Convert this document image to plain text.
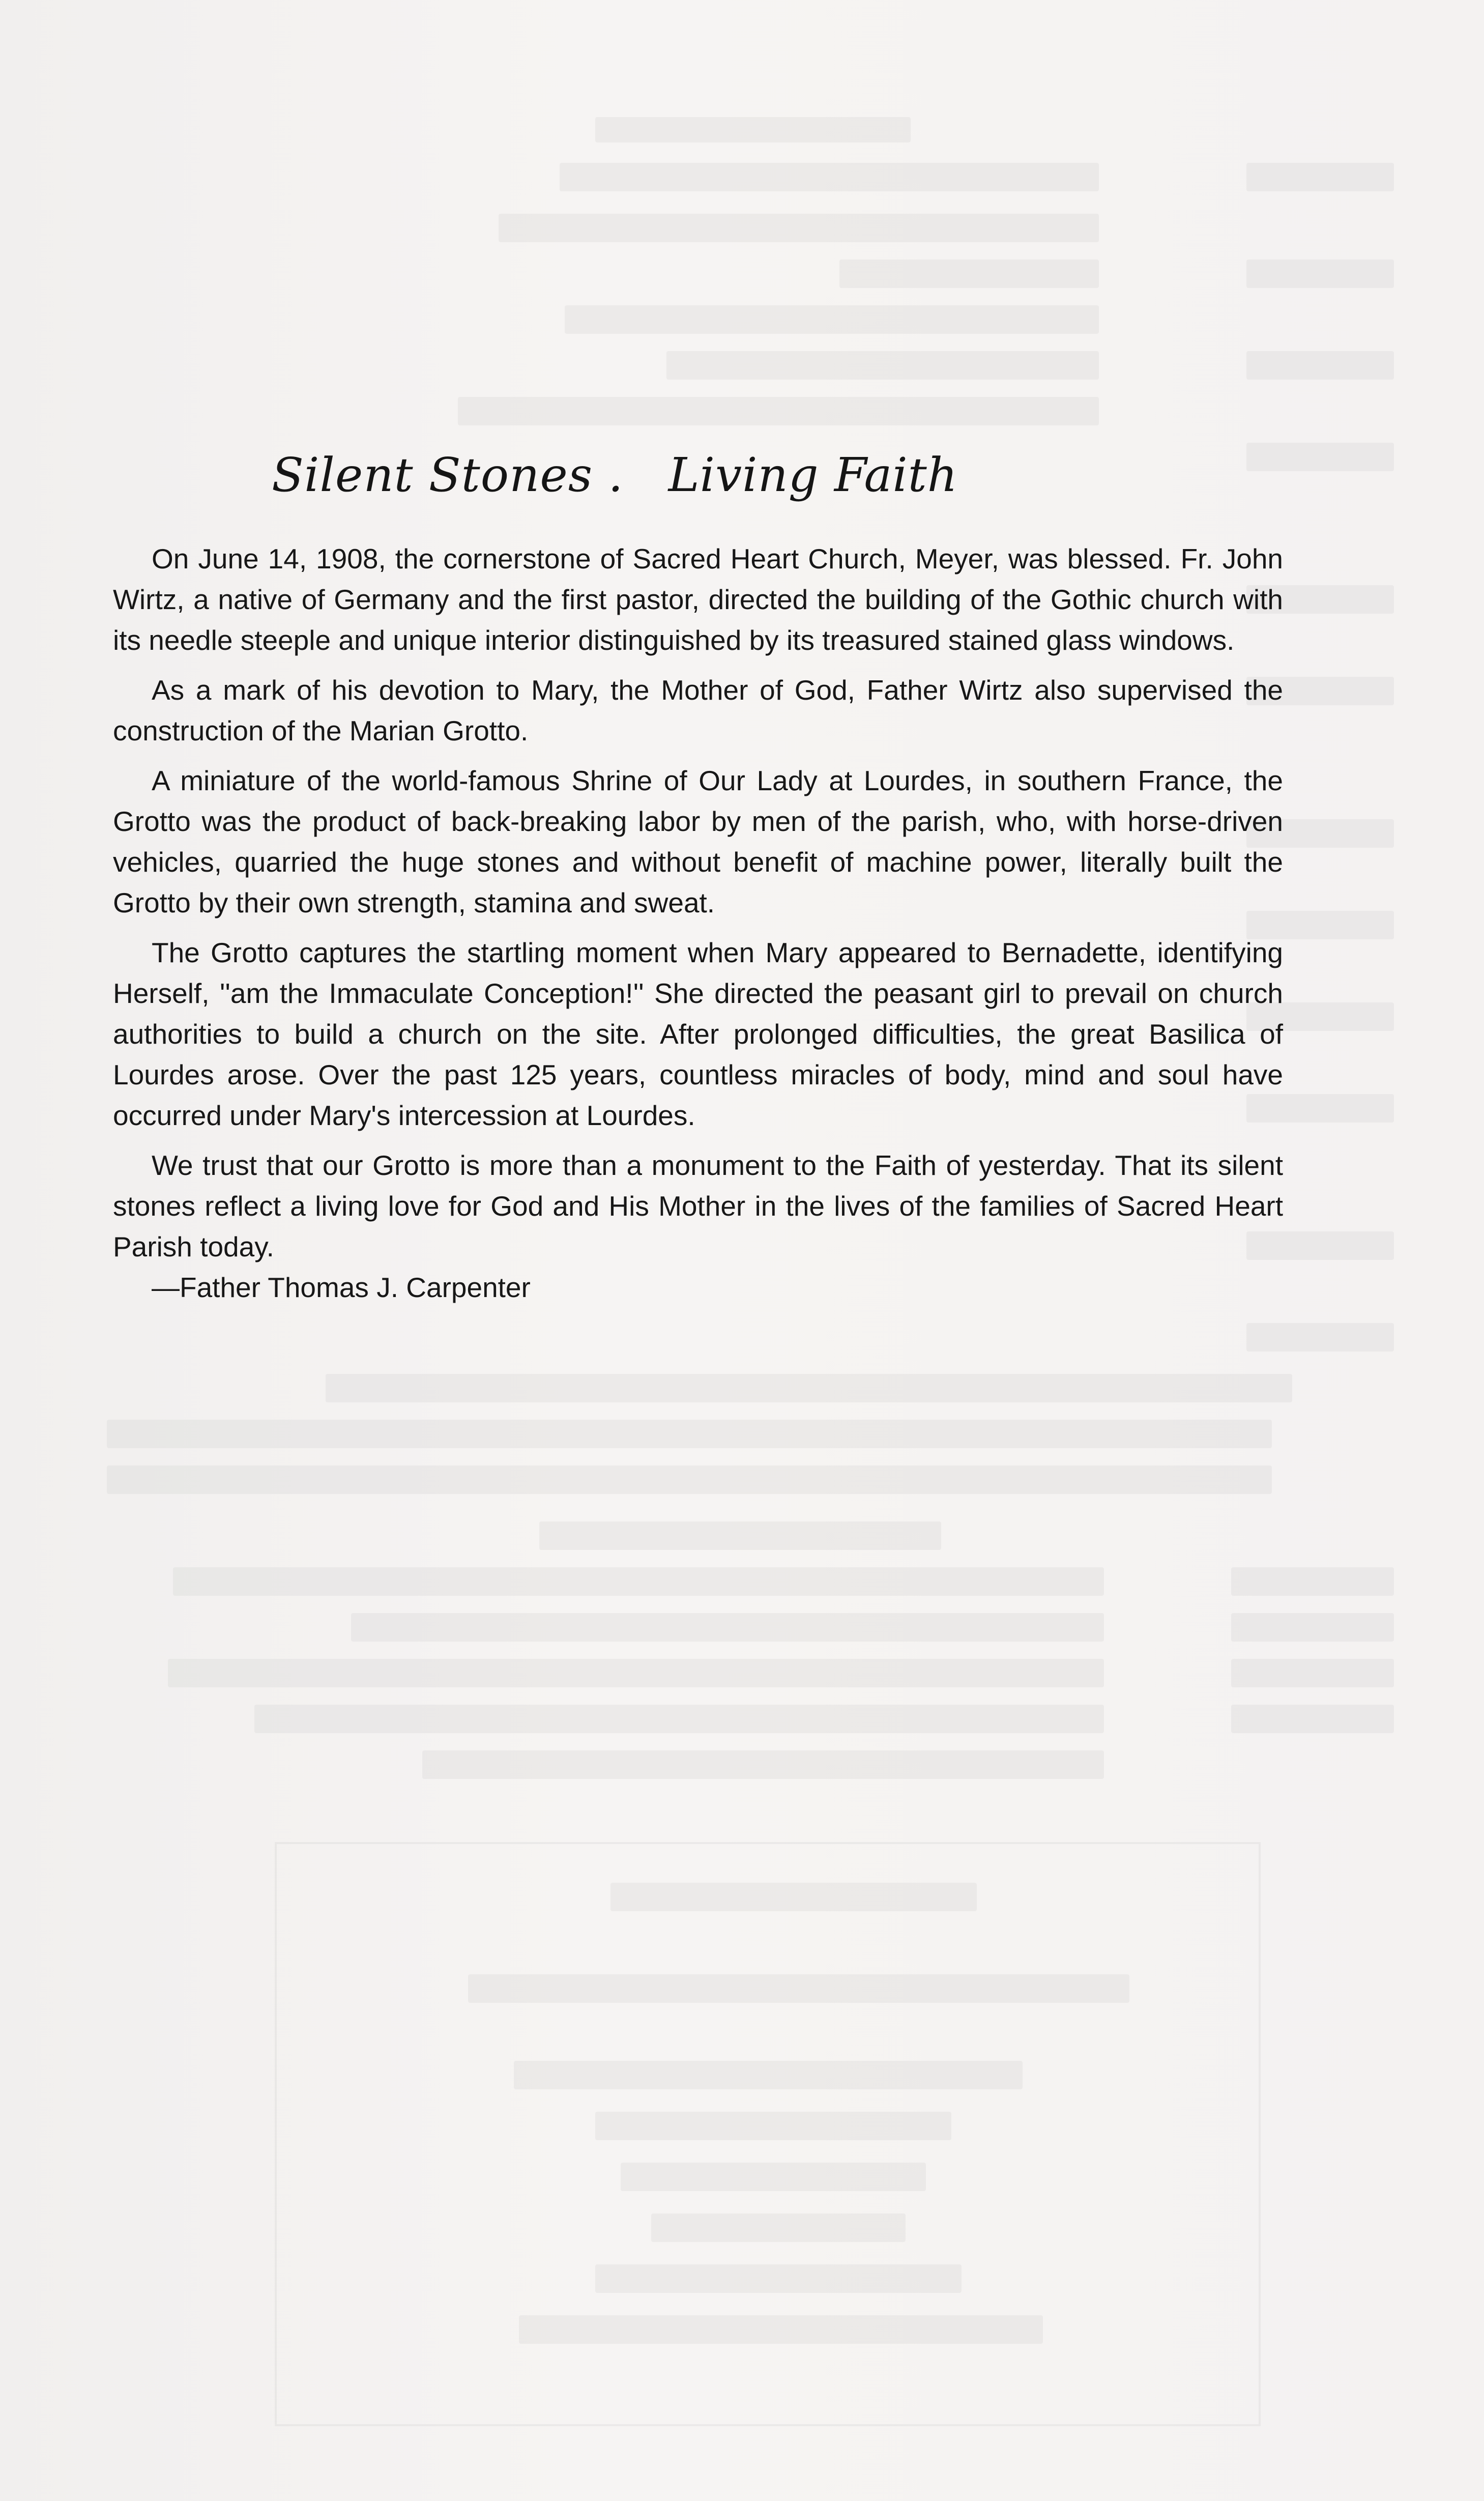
Silent Stones . Living Faith

On June 14, 1908, the cornerstone of Sacred Heart Church, Meyer, was blessed. Fr. John Wirtz, a native of Germany and the first pastor, directed the building of the Gothic church with its needle steeple and unique interior distinguished by its treasured stained glass windows.

As a mark of his devotion to Mary, the Mother of God, Father Wirtz also supervised the construction of the Marian Grotto.

A miniature of the world-famous Shrine of Our Lady at Lourdes, in southern France, the Grotto was the product of back-breaking labor by men of the parish, who, with horse-driven vehicles, quarried the huge stones and without benefit of machine power, literally built the Grotto by their own strength, stamina and sweat.

The Grotto captures the startling moment when Mary appeared to Bernadette, identifying Herself, ''am the Immaculate Conception!'' She directed the peasant girl to prevail on church authorities to build a church on the site. After prolonged difficulties, the great Basilica of Lourdes arose. Over the past 125 years, countless miracles of body, mind and soul have occurred under Mary's intercession at Lourdes.

We trust that our Grotto is more than a monument to the Faith of yesterday. That its silent stones reflect a living love for God and His Mother in the lives of the families of Sacred Heart Parish today.

—Father Thomas J. Carpenter
